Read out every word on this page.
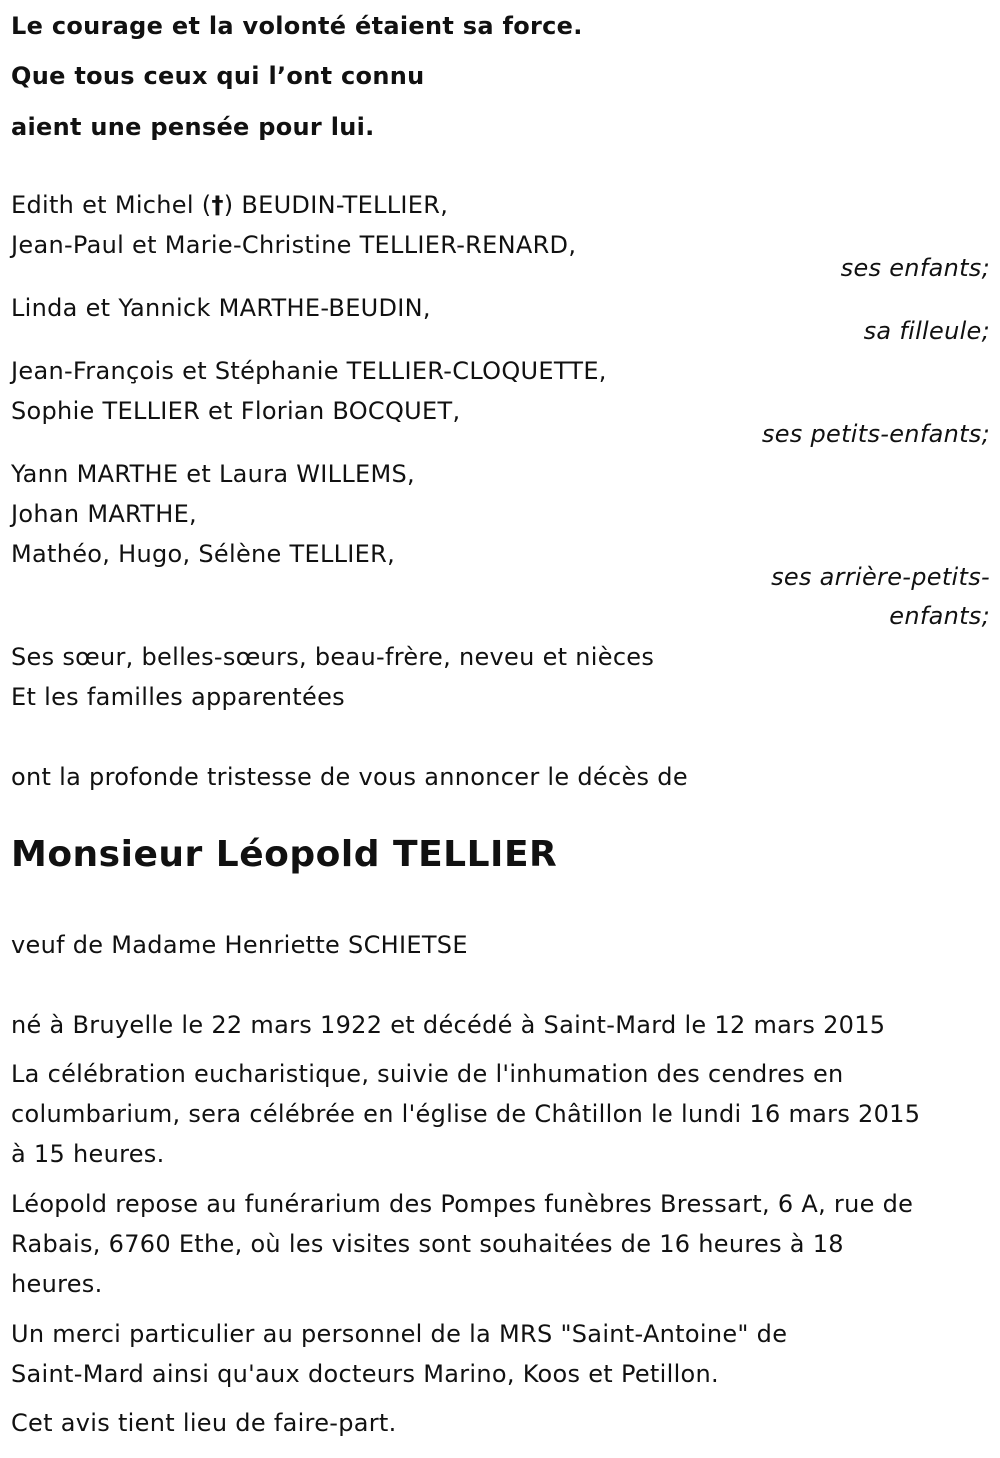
Le courage et la volonté étaient sa force.
Que tous ceux qui l’ont connu
aient une pensée pour lui.
Edith et Michel (†) BEUDIN-TELLIER,
Jean-Paul et Marie-Christine TELLIER-RENARD,
ses enfants;
Linda et Yannick MARTHE-BEUDIN,
sa filleule;
Jean-François et Stéphanie TELLIER-CLOQUETTE,
Sophie TELLIER et Florian BOCQUET,
ses petits-enfants;
Yann MARTHE et Laura WILLEMS,
Johan MARTHE,
Mathéo, Hugo, Sélène TELLIER,
ses arrière-petits-
enfants;
Ses sœur, belles-sœurs, beau-frère, neveu et nièces
Et les familles apparentées
ont la profonde tristesse de vous annoncer le décès de
Monsieur Léopold TELLIER
veuf de Madame Henriette SCHIETSE
né à Bruyelle le 22 mars 1922 et décédé à Saint-Mard le 12 mars 2015
La célébration eucharistique, suivie de l'inhumation des cendres en
columbarium, sera célébrée en l'église de Châtillon le lundi 16 mars 2015
à 15 heures.
Léopold repose au funérarium des Pompes funèbres Bressart, 6 A, rue de
Rabais, 6760 Ethe, où les visites sont souhaitées de 16 heures à 18
heures.
Un merci particulier au personnel de la MRS "Saint-Antoine" de
Saint-Mard ainsi qu'aux docteurs Marino, Koos et Petillon.
Cet avis tient lieu de faire-part.
